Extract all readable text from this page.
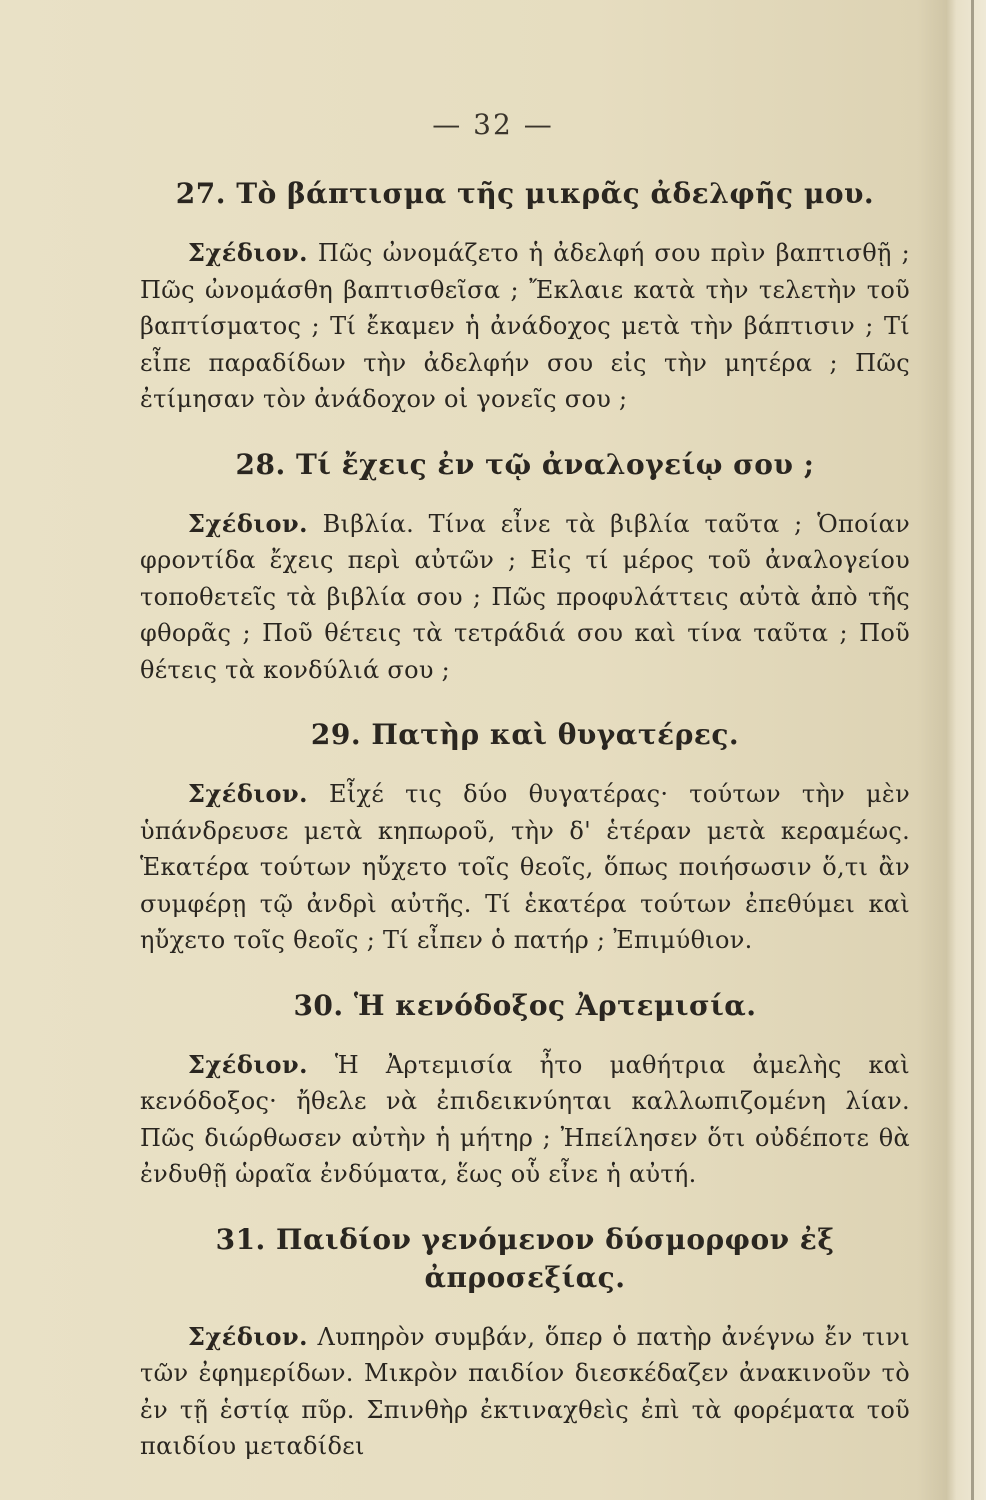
— 32 —
27. Τὸ βάπτισμα τῆς μικρᾶς ἀδελφῆς μου.

Σχέδιον. Πῶς ὠνομάζετο ἡ ἀδελφή σου πρὶν βαπτισθῇ ; Πῶς ὠνομάσθη βαπτισθεῖσα ; Ἔκλαιε κατὰ τὴν τελετὴν τοῦ βαπτίσματος ; Τί ἔκαμεν ἡ ἀνάδοχος μετὰ τὴν βάπτισιν ; Τί εἶπε παραδίδων τὴν ἀδελφήν σου εἰς τὴν μητέρα ; Πῶς ἐτίμησαν τὸν ἀνάδοχον οἱ γονεῖς σου ;

28. Τί ἔχεις ἐν τῷ ἀναλογείῳ σου ;

Σχέδιον. Βιβλία. Τίνα εἶνε τὰ βιβλία ταῦτα ; Ὁποίαν φροντίδα ἔχεις περὶ αὐτῶν ; Εἰς τί μέρος τοῦ ἀναλογείου τοποθετεῖς τὰ βιβλία σου ; Πῶς προφυλάττεις αὐτὰ ἀπὸ τῆς φθορᾶς ; Ποῦ θέτεις τὰ τετράδιά σου καὶ τίνα ταῦτα ; Ποῦ θέτεις τὰ κονδύλιά σου ;

29. Πατὴρ καὶ θυγατέρες.

Σχέδιον. Εἶχέ τις δύο θυγατέρας· τούτων τὴν μὲν ὑπάνδρευσε μετὰ κηπωροῦ, τὴν δ' ἑτέραν μετὰ κεραμέως. Ἑκατέρα τούτων ηὔχετο τοῖς θεοῖς, ὅπως ποιήσωσιν ὅ,τι ἂν συμφέρῃ τῷ ἀνδρὶ αὐτῆς. Τί ἑκατέρα τούτων ἐπεθύμει καὶ ηὔχετο τοῖς θεοῖς ; Τί εἶπεν ὁ πατήρ ; Ἐπιμύθιον.

30. Ἡ κενόδοξος Ἀρτεμισία.

Σχέδιον. Ἡ Ἀρτεμισία ἦτο μαθήτρια ἀμελὴς καὶ κενόδοξος· ἤθελε νὰ ἐπιδεικνύηται καλλωπιζομένη λίαν. Πῶς διώρθωσεν αὐτὴν ἡ μήτηρ ; Ἠπείλησεν ὅτι οὐδέποτε θὰ ἐνδυθῇ ὡραῖα ἐνδύματα, ἕως οὗ εἶνε ἡ αὐτή.

31. Παιδίον γενόμενον δύσμορφον ἐξ ἀπροσεξίας.

Σχέδιον. Λυπηρὸν συμβάν, ὅπερ ὁ πατὴρ ἀνέγνω ἔν τινι τῶν ἐφημερίδων. Μικρὸν παιδίον διεσκέδαζεν ἀνακινοῦν τὸ ἐν τῇ ἑστίᾳ πῦρ. Σπινθὴρ ἐκτιναχθεὶς ἐπὶ τὰ φορέματα τοῦ παιδίου μεταδίδει
